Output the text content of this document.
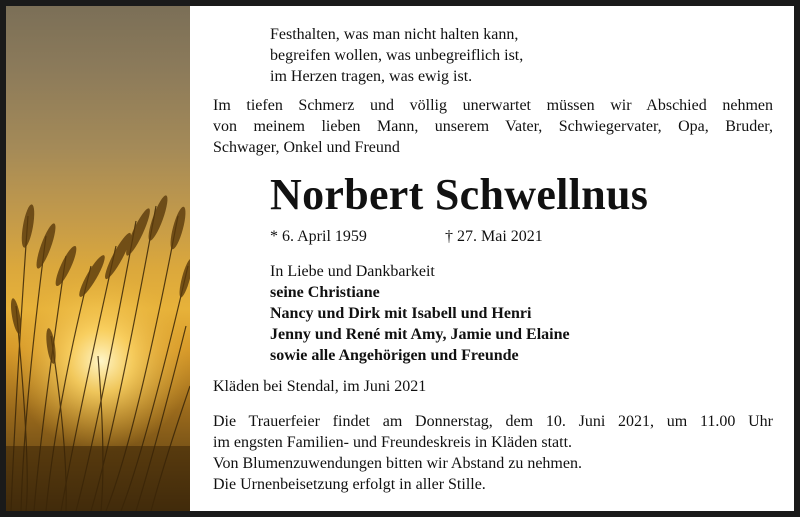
Festhalten, was man nicht halten kann,
begreifen wollen, was unbegreiflich ist,
im Herzen tragen, was ewig ist.
Im tiefen Schmerz und völlig unerwartet müssen wir Abschied nehmen
von meinem lieben Mann, unserem Vater, Schwiegervater, Opa, Bruder,
Schwager, Onkel und Freund
Norbert Schwellnus
* 6. April 1959	† 27. Mai 2021
In Liebe und Dankbarkeit
seine Christiane
Nancy und Dirk mit Isabell und Henri
Jenny und René mit Amy, Jamie und Elaine
sowie alle Angehörigen und Freunde
Kläden bei Stendal, im Juni 2021
Die Trauerfeier findet am Donnerstag, dem 10. Juni 2021, um 11.00 Uhr
im engsten Familien- und Freundeskreis in Kläden statt.
Von Blumenzuwendungen bitten wir Abstand zu nehmen.
Die Urnenbeisetzung erfolgt in aller Stille.
